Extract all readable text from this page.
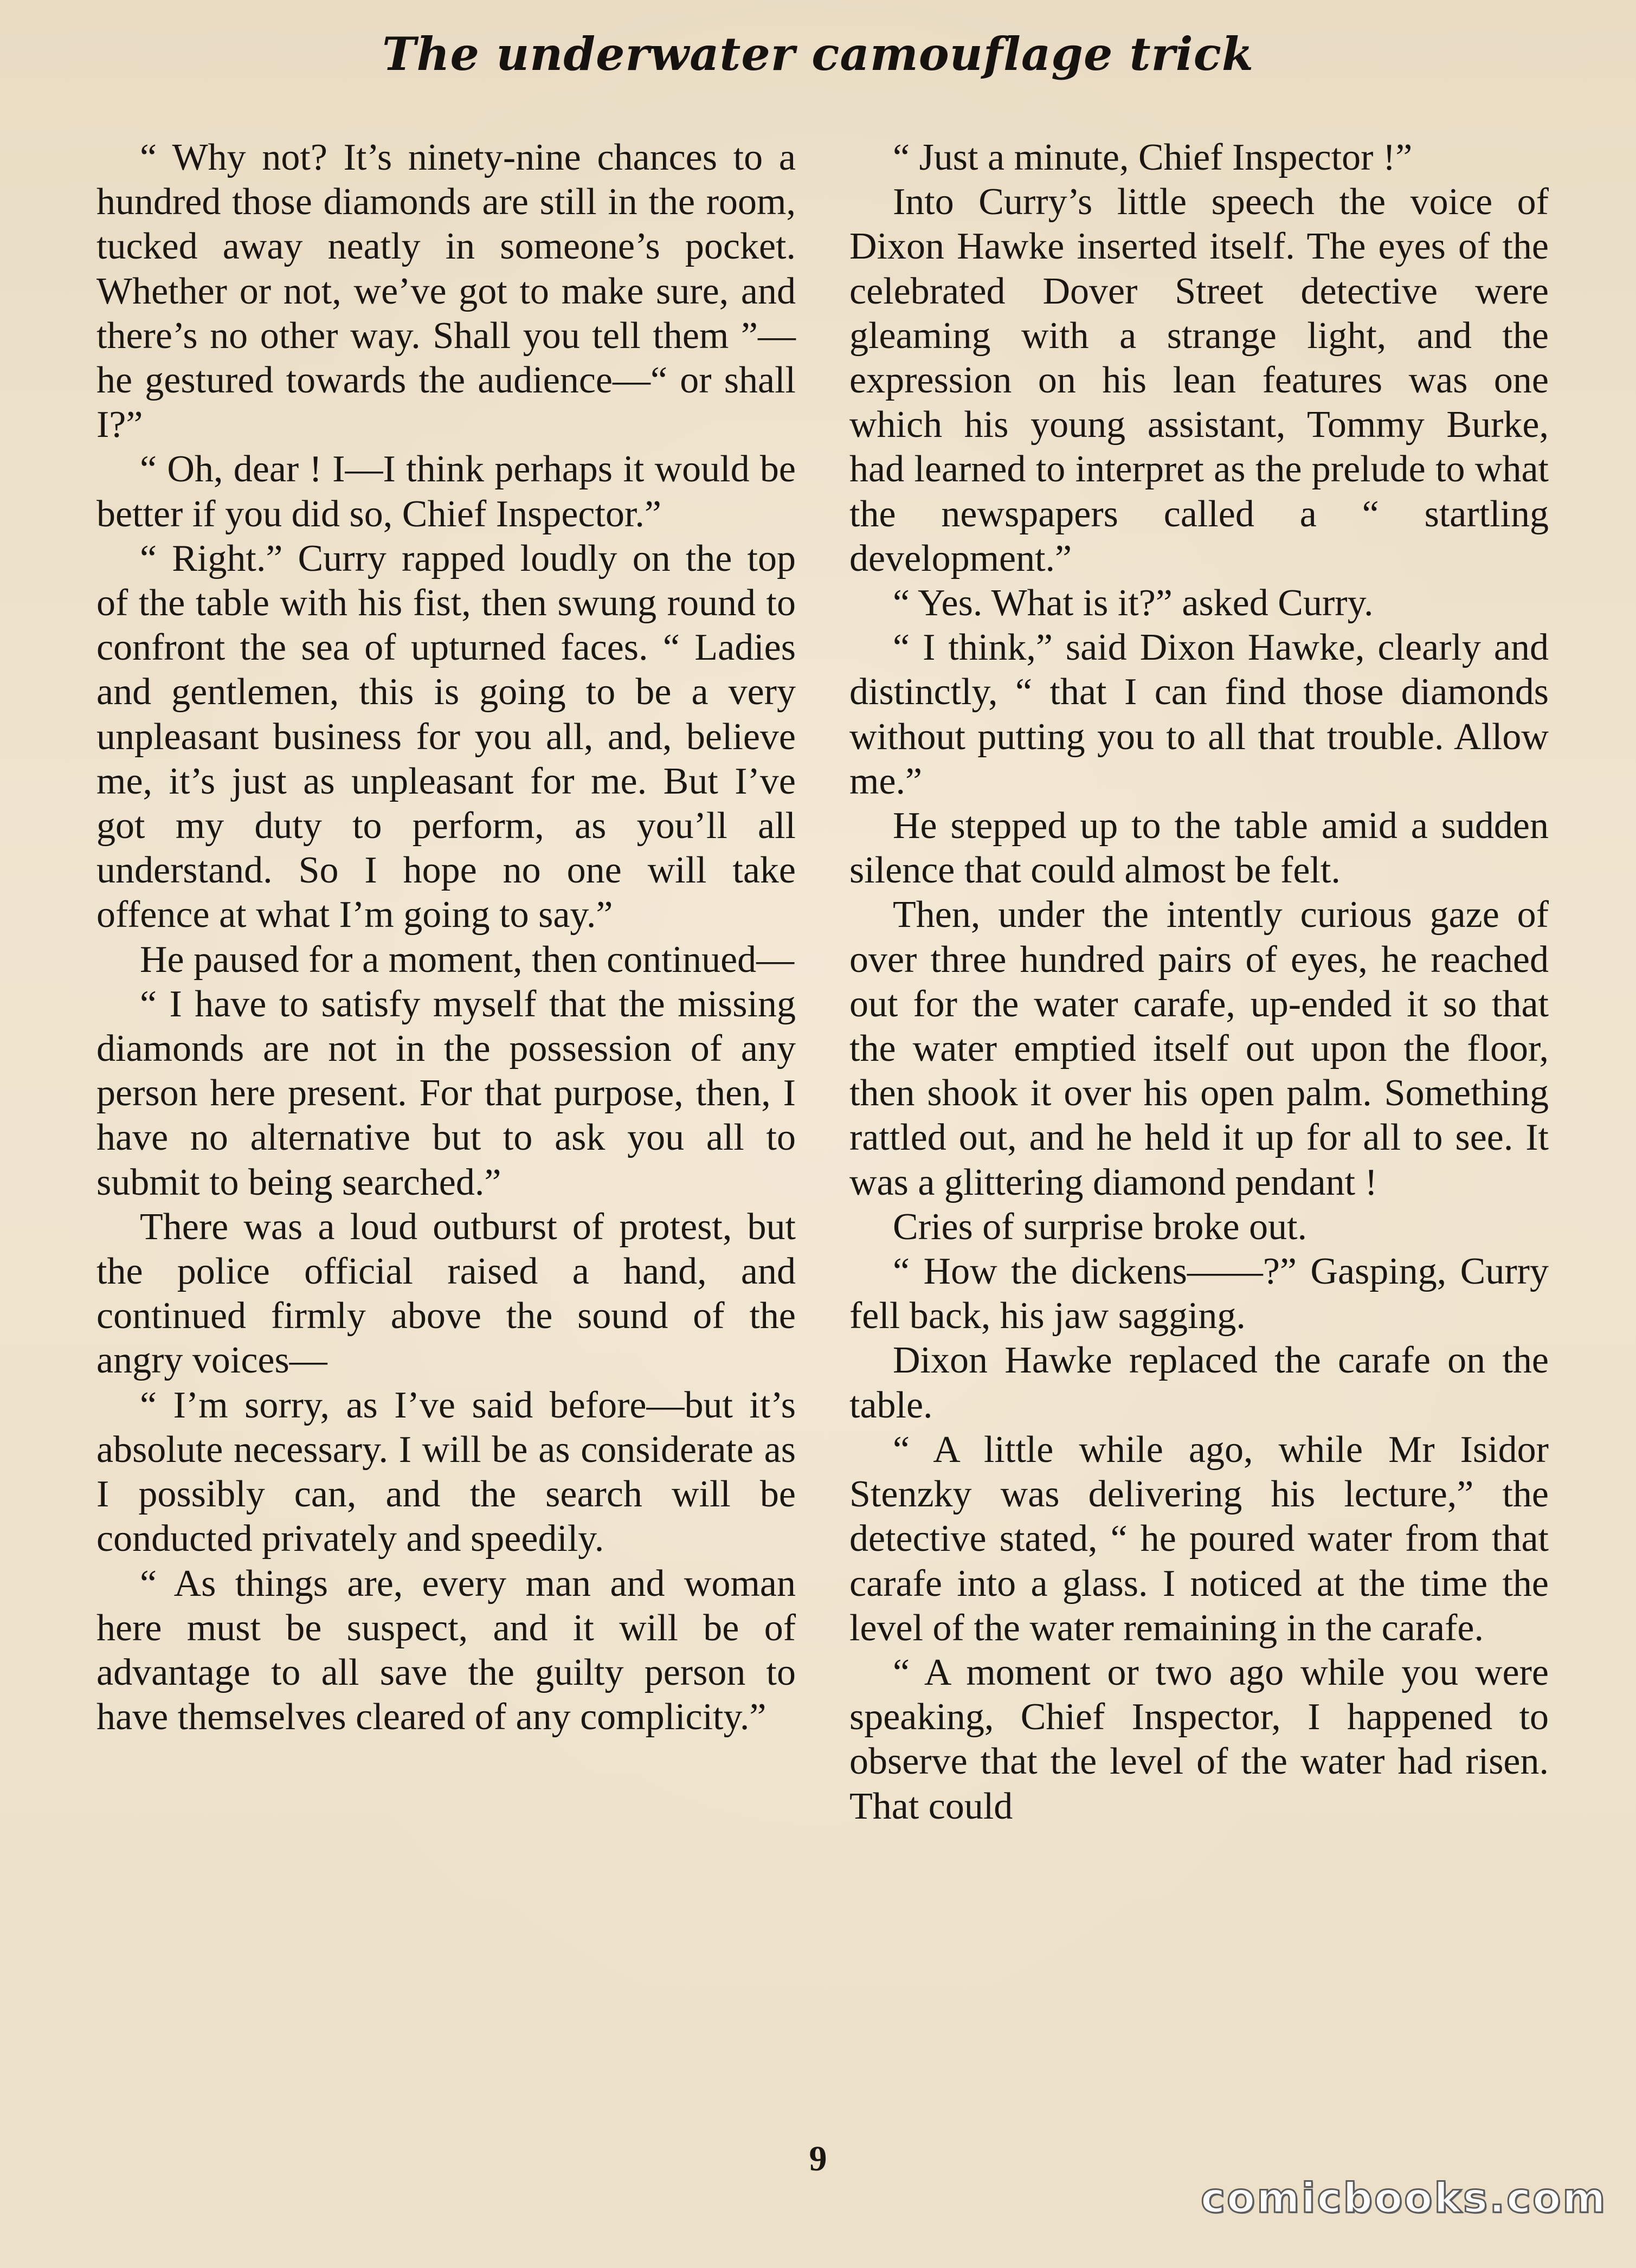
The underwater camouflage trick

“ Why not? It’s ninety-nine chances to a hundred those diamonds are still in the room, tucked away neatly in someone’s pocket. Whether or not, we’ve got to make sure, and there’s no other way. Shall you tell them ”—he gestured towards the audience—“ or shall I?”

“ Oh, dear ! I—I think perhaps it would be better if you did so, Chief Inspector.”

“ Right.” Curry rapped loudly on the top of the table with his fist, then swung round to confront the sea of upturned faces. “ Ladies and gentlemen, this is going to be a very unpleasant business for you all, and, believe me, it’s just as unpleasant for me. But I’ve got my duty to perform, as you’ll all understand. So I hope no one will take offence at what I’m going to say.”

He paused for a moment, then continued—

“ I have to satisfy myself that the missing diamonds are not in the possession of any person here present. For that purpose, then, I have no alternative but to ask you all to submit to being searched.”

There was a loud outburst of protest, but the police official raised a hand, and continued firmly above the sound of the angry voices—

“ I’m sorry, as I’ve said before—but it’s absolute necessary. I will be as considerate as I possibly can, and the search will be conducted privately and speedily.

“ As things are, every man and woman here must be suspect, and it will be of advantage to all save the guilty person to have themselves cleared of any complicity.”

“ Just a minute, Chief Inspector !”

Into Curry’s little speech the voice of Dixon Hawke inserted itself. The eyes of the celebrated Dover Street detective were gleaming with a strange light, and the expression on his lean features was one which his young assistant, Tommy Burke, had learned to interpret as the prelude to what the newspapers called a “ startling development.”

“ Yes. What is it?” asked Curry.

“ I think,” said Dixon Hawke, clearly and distinctly, “ that I can find those diamonds without putting you to all that trouble. Allow me.”

He stepped up to the table amid a sudden silence that could almost be felt.

Then, under the intently curious gaze of over three hundred pairs of eyes, he reached out for the water carafe, up-ended it so that the water emptied itself out upon the floor, then shook it over his open palm. Something rattled out, and he held it up for all to see. It was a glittering diamond pendant !

Cries of surprise broke out.

“ How the dickens——?” Gasping, Curry fell back, his jaw sagging.

Dixon Hawke replaced the carafe on the table.

“ A little while ago, while Mr Isidor Stenzky was delivering his lecture,” the detective stated, “ he poured water from that carafe into a glass. I noticed at the time the level of the water remaining in the carafe.

“ A moment or two ago while you were speaking, Chief Inspector, I happened to observe that the level of the water had risen. That could

9
comicbooks.com
